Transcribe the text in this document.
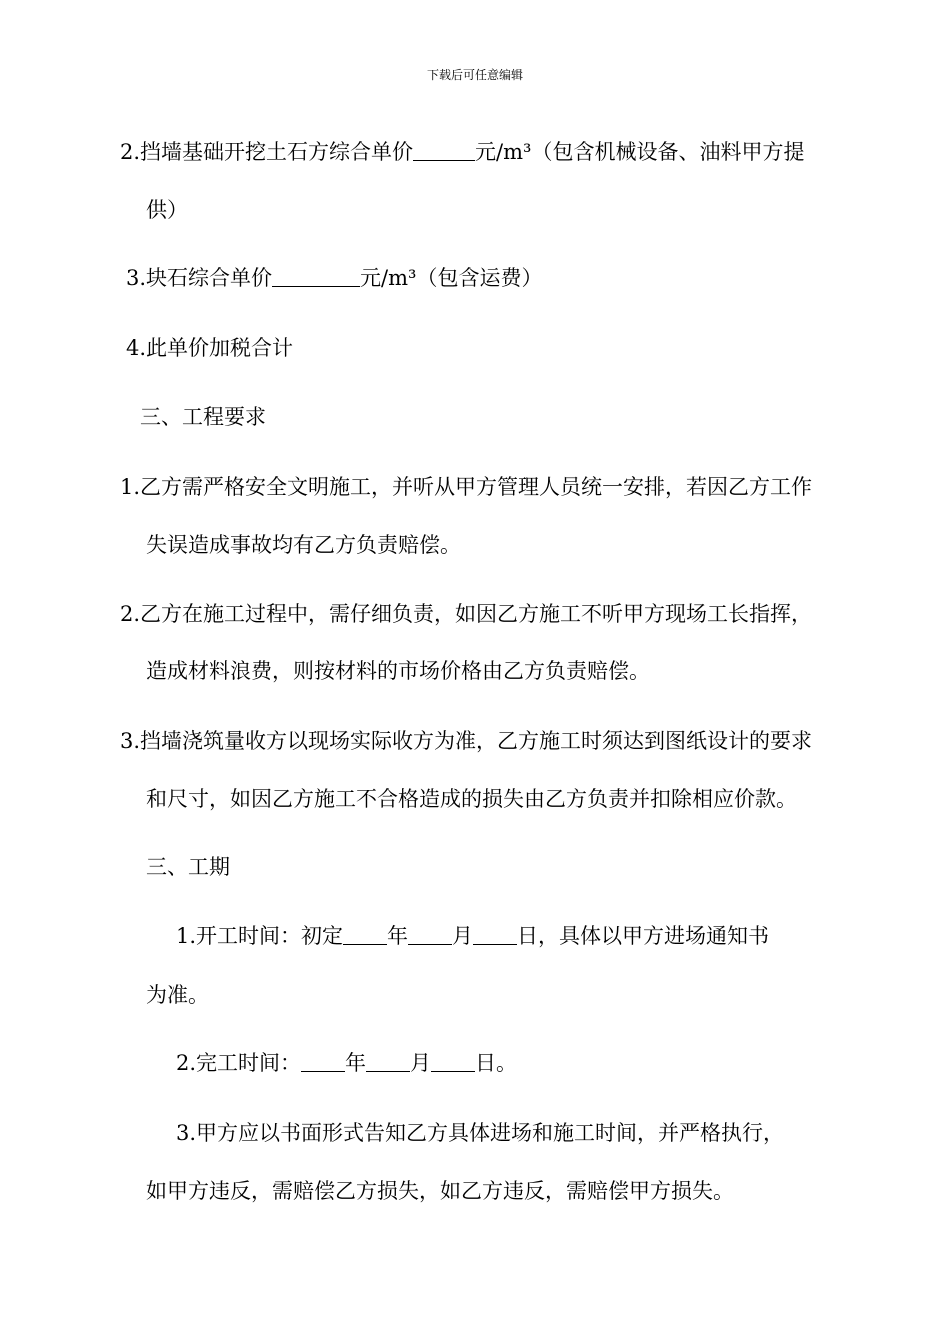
下载后可任意编辑
2.挡墙基础开挖土石方综合单价	元/m³（包含机械设备、油料甲方提
供）
3.块石综合单价	元/m³（包含运费）
4.此单价加税合计
三、工程要求
1.乙方需严格安全文明施工，并听从甲方管理人员统一安排，若因乙方工作
失误造成事故均有乙方负责赔偿。
2.乙方在施工过程中，需仔细负责，如因乙方施工不听甲方现场工长指挥，
造成材料浪费，则按材料的市场价格由乙方负责赔偿。
3.挡墙浇筑量收方以现场实际收方为准，乙方施工时须达到图纸设计的要求
和尺寸，如因乙方施工不合格造成的损失由乙方负责并扣除相应价款。
三、工期
1.开工时间：初定 年 月 日，具体以甲方进场通知书
为准。
2.完工时间： 年 月 日。
3.甲方应以书面形式告知乙方具体进场和施工时间，并严格执行，
如甲方违反，需赔偿乙方损失，如乙方违反，需赔偿甲方损失。
